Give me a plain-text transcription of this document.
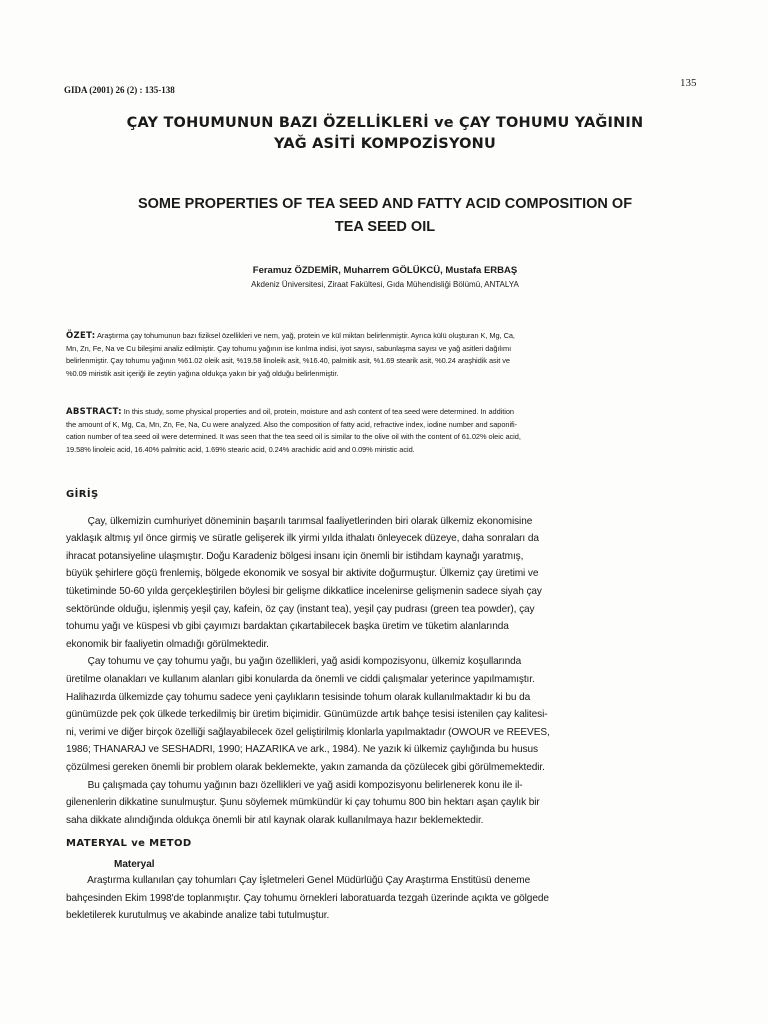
GIDA (2001) 26 (2) : 135-138
135
ÇAY TOHUMUNUN BAZI ÖZELLİKLERİ ve ÇAY TOHUMU YAĞININ
YAĞ ASİTİ KOMPOZİSYONU
SOME PROPERTIES OF TEA SEED AND FATTY ACID COMPOSITION OF
TEA SEED OIL
Feramuz ÖZDEMİR, Muharrem GÖLÜKCÜ, Mustafa ERBAŞ
Akdeniz Üniversitesi, Ziraat Fakültesi, Gıda Mühendisliği Bölümü, ANTALYA
ÖZET: Araştırma çay tohumunun bazı fiziksel özellikleri ve nem, yağ, protein ve kül miktarı belirlenmiştir. Ayrıca külü oluşturan K, Mg, Ca,
Mn, Zn, Fe, Na ve Cu bileşimi analiz edilmiştir. Çay tohumu yağının ise kırılma indisi, iyot sayısı, sabunlaşma sayısı ve yağ asitleri dağılımı
belirlenmiştir. Çay tohumu yağının %61.02 oleik asit, %19.58 linoleik asit, %16.40, palmitik asit, %1.69 stearik asit, %0.24 araşhidik asit ve
%0.09 miristik asit içeriği ile zeytin yağına oldukça yakın bir yağ olduğu belirlenmiştir.
ABSTRACT: In this study, some physical properties and oil, protein, moisture and ash content of tea seed were determined. In addition
the amount of K, Mg, Ca, Mn, Zn, Fe, Na, Cu were analyzed. Also the composition of fatty acid, refractive index, iodine number and saponifi-
cation number of tea seed oil were determined. It was seen that the tea seed oil is similar to the olive oil with the content of 61.02% oleic acid,
19.58% linoleic acid, 16.40% palmitic acid, 1.69% stearic acid, 0.24% arachidic acid and 0.09% miristic acid.
GİRİŞ
Çay, ülkemizin cumhuriyet döneminin başarılı tarımsal faaliyetlerinden biri olarak ülkemiz ekonomisine
yaklaşık altmış yıl önce girmiş ve süratle gelişerek ilk yirmi yılda ithalatı önleyecek düzeye, daha sonraları da
ihracat potansiyeline ulaşmıştır. Doğu Karadeniz bölgesi insanı için önemli bir istihdam kaynağı yaratmış,
büyük şehirlere göçü frenlemiş, bölgede ekonomik ve sosyal bir aktivite doğurmuştur. Ülkemiz çay üretimi ve
tüketiminde 50-60 yılda gerçekleştirilen böylesi bir gelişme dikkatlice incelenirse gelişmenin sadece siyah çay
sektöründe olduğu, işlenmiş yeşil çay, kafein, öz çay (instant tea), yeşil çay pudrası (green tea powder), çay
tohumu yağı ve küspesi vb gibi çayımızı bardaktan çıkartabilecek başka üretim ve tüketim alanlarında
ekonomik bir faaliyetin olmadığı görülmektedir.
Çay tohumu ve çay tohumu yağı, bu yağın özellikleri, yağ asidi kompozisyonu, ülkemiz koşullarında
üretilme olanakları ve kullanım alanları gibi konularda da önemli ve ciddi çalışmalar yeterince yapılmamıştır.
Halihazırda ülkemizde çay tohumu sadece yeni çaylıkların tesisinde tohum olarak kullanılmaktadır ki bu da
günümüzde pek çok ülkede terkedilmiş bir üretim biçimidir. Günümüzde artık bahçe tesisi istenilen çay kalitesi-
ni, verimi ve diğer birçok özelliği sağlayabilecek özel geliştirilmiş klonlarla yapılmaktadır (OWOUR ve REEVES,
1986; THANARAJ ve SESHADRI, 1990; HAZARIKA ve ark., 1984). Ne yazık ki ülkemiz çaylığında bu husus
çözülmesi gereken önemli bir problem olarak beklemekte, yakın zamanda da çözülecek gibi görülmemektedir.
Bu çalışmada çay tohumu yağının bazı özellikleri ve yağ asidi kompozisyonu belirlenerek konu ile il-
gilenenlerin dikkatine sunulmuştur. Şunu söylemek mümkündür ki çay tohumu 800 bin hektarı aşan çaylık bir
saha dikkate alındığında oldukça önemli bir atıl kaynak olarak kullanılmaya hazır beklemektedir.
MATERYAL ve METOD
Materyal
Araştırma kullanılan çay tohumları Çay İşletmeleri Genel Müdürlüğü Çay Araştırma Enstitüsü deneme
bahçesinden Ekim 1998'de toplanmıştır. Çay tohumu örnekleri laboratuarda tezgah üzerinde açıkta ve gölgede
bekletilerek kurutulmuş ve akabinde analize tabi tutulmuştur.
